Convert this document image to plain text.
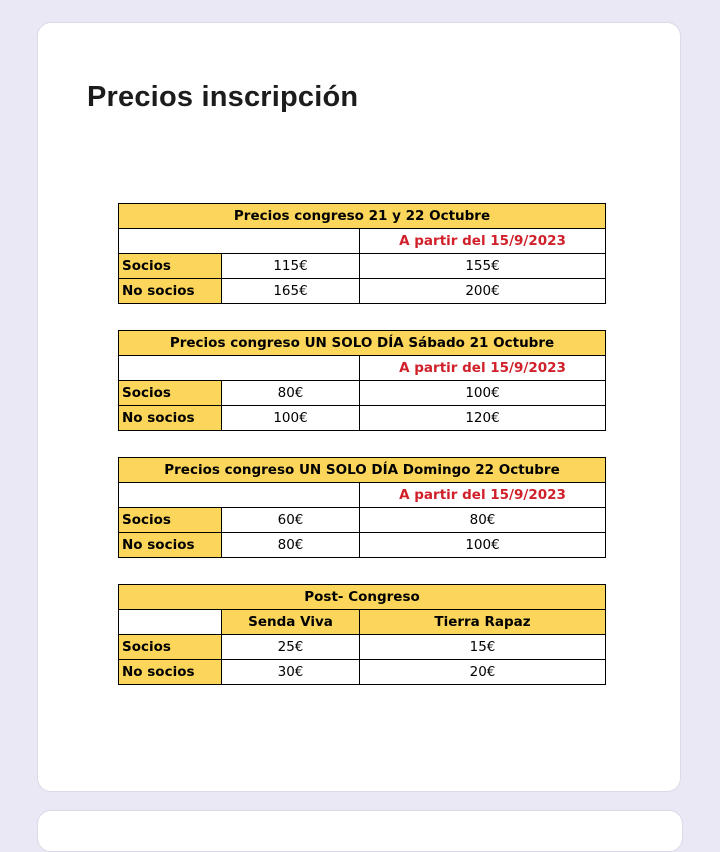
Precios inscripción
Precios congreso 21 y 22 Octubre		
		A partir del 15/9/2023
Socios	115€	155€
No socios	165€	200€
Precios congreso UN SOLO DÍA Sábado 21 Octubre		
		A partir del 15/9/2023
Socios	80€	100€
No socios	100€	120€
Precios congreso UN SOLO DÍA Domingo 22 Octubre		
		A partir del 15/9/2023
Socios	60€	80€
No socios	80€	100€
Post- Congreso		
	Senda Viva	Tierra Rapaz
Socios	25€	15€
No socios	30€	20€
